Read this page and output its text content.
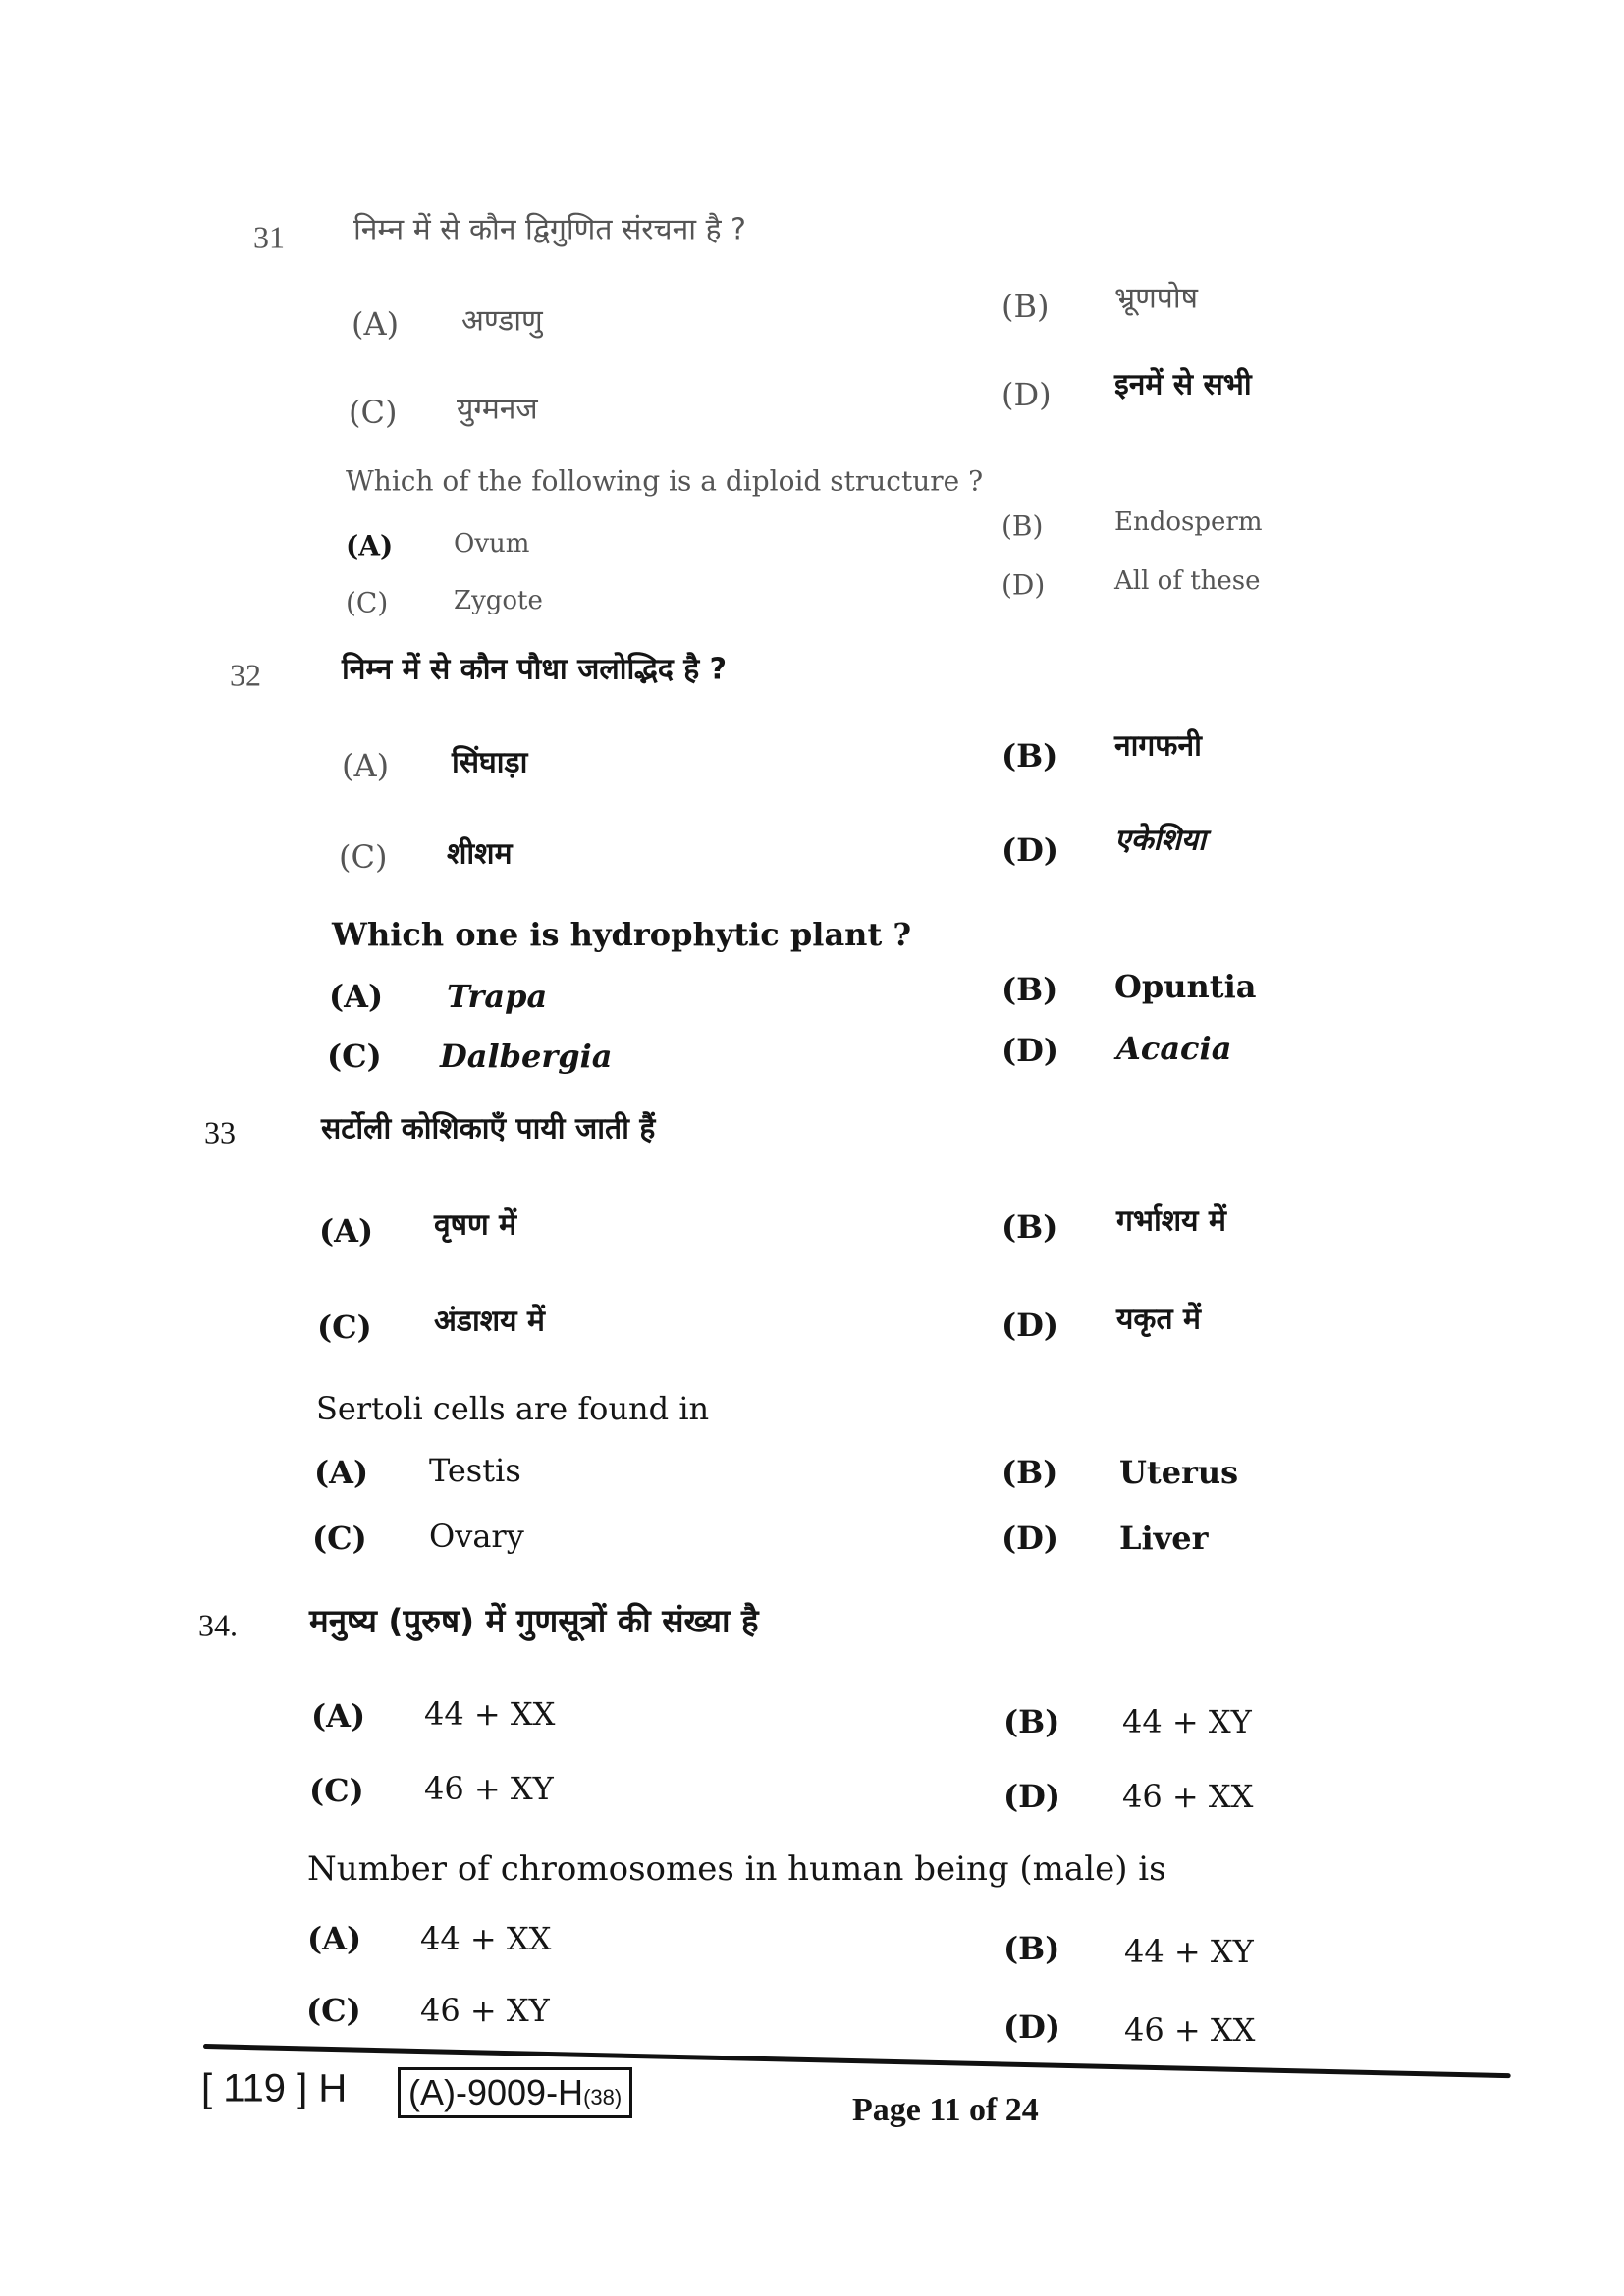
31 निम्न में से कौन द्विगुणित संरचना है ?
(A) अण्डाणु	(B) भ्रूणपोष
(C) युग्मनज	(D) इनमें से सभी
Which of the following is a diploid structure ?
(A) Ovum
(B)	Endosperm
(C)	Zygote	(D)	All of these
32	निम्न में से कौन पौधा जलोद्भिद है ?
(A) सिंघाड़ा	(B) नागफनी
(C) शीशम	(D) एकेशिया
Which one is hydrophytic plant ?
(A) Trapa	(B) Opuntia
(C) Dalbergia	(D) Acacia
33	सर्टोली कोशिकाएँ पायी जाती हैं
(A) वृषण में	(B) गर्भाशय में
(C) अंडाशय में	(D) यकृत में
Sertoli cells are found in
(A) Testis	(B) Uterus
(C) Ovary	(D) Liver
34. मनुष्य (पुरुष) में गुणसूत्रों की संख्या है
(A) 44 + XX	(B) 44 + XY
(C) 46 + XY	(D) 46 + XX
Number of chromosomes in human being (male) is
(A) 44 + XX	(B) 44 + XY
(C) 46 + XY	(D) 46 + XX
[ 119 ] H	(A)-9009-H(38)	Page 11 of 24
